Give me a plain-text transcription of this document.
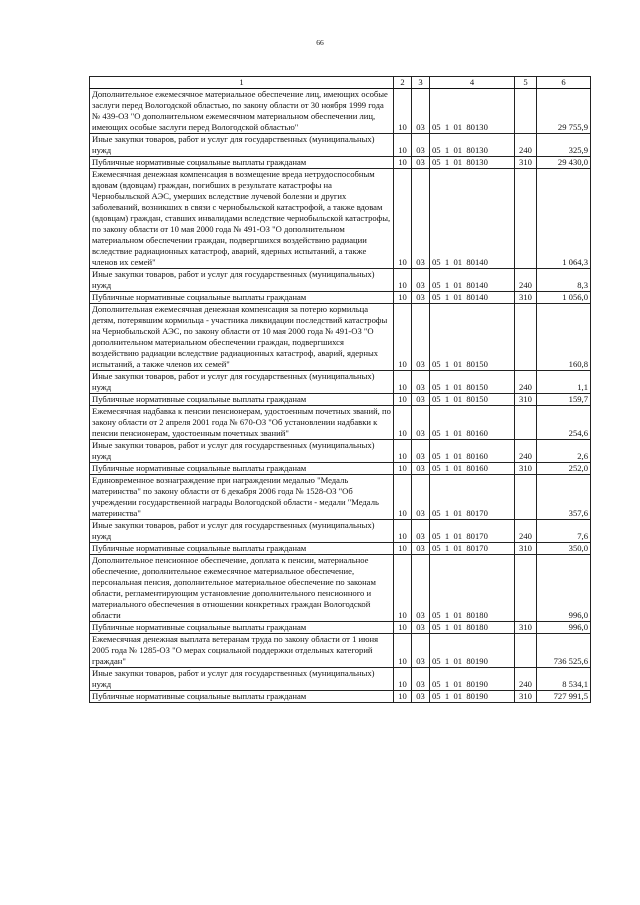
66
1	2	3	4	5	6
Дополнительное ежемесячное материальное обеспечение лиц, имеющих особые заслуги перед Вологодской областью, по закону области от 30 ноября 1999 года № 439-ОЗ "О дополнительном ежемесячном материальном обеспечении лиц, имеющих особые заслуги перед Вологодской областью"	10	03	05  1  01  80130		29 755,9
Иные закупки товаров, работ и услуг для государственных (муниципальных) нужд	10	03	05  1  01  80130	240	325,9
Публичные нормативные социальные выплаты гражданам	10	03	05  1  01  80130	310	29 430,0
Ежемесячная денежная компенсация в возмещение вреда нетрудоспособным вдовам (вдовцам) граждан, погибших в результате катастрофы на Чернобыльской АЭС, умерших вследствие лучевой болезни и других заболеваний, возникших в связи с чернобыльской катастрофой, а также вдовам (вдовцам) граждан, ставших инвалидами вследствие чернобыльской катастрофы, по закону области от 10 мая 2000 года № 491-ОЗ "О дополнительном материальном обеспечении граждан, подвергшихся воздействию радиации вследствие радиационных катастроф, аварий, ядерных испытаний, а также членов их семей"	10	03	05  1  01  80140		1 064,3
Иные закупки товаров, работ и услуг для государственных (муниципальных) нужд	10	03	05  1  01  80140	240	8,3
Публичные нормативные социальные выплаты гражданам	10	03	05  1  01  80140	310	1 056,0
Дополнительная ежемесячная денежная компенсация за потерю кормильца детям, потерявшим кормильца - участника ликвидации последствий катастрофы на Чернобыльской АЭС, по закону области от 10 мая 2000 года № 491-ОЗ "О дополнительном материальном обеспечении граждан, подвергшихся воздействию радиации вследствие радиационных катастроф, аварий, ядерных испытаний, а также членов их семей"	10	03	05  1  01  80150		160,8
Иные закупки товаров, работ и услуг для государственных (муниципальных) нужд	10	03	05  1  01  80150	240	1,1
Публичные нормативные социальные выплаты гражданам	10	03	05  1  01  80150	310	159,7
Ежемесячная надбавка к пенсии пенсионерам, удостоенным почетных званий, по закону области от 2 апреля 2001 года № 670-ОЗ "Об установлении надбавки к пенсии пенсионерам, удостоенным почетных званий"	10	03	05  1  01  80160		254,6
Иные закупки товаров, работ и услуг для государственных (муниципальных) нужд	10	03	05  1  01  80160	240	2,6
Публичные нормативные социальные выплаты гражданам	10	03	05  1  01  80160	310	252,0
Единовременное вознаграждение при награждении медалью "Медаль материнства" по закону области от 6 декабря 2006 года № 1528-ОЗ "Об учреждении государственной награды Вологодской области - медали "Медаль материнства"	10	03	05  1  01  80170		357,6
Иные закупки товаров, работ и услуг для государственных (муниципальных) нужд	10	03	05  1  01  80170	240	7,6
Публичные нормативные социальные выплаты гражданам	10	03	05  1  01  80170	310	350,0
Дополнительное пенсионное обеспечение, доплата к пенсии, материальное обеспечение, дополнительное ежемесячное материальное обеспечение, персональная пенсия, дополнительное материальное обеспечение по законам области, регламентирующим установление дополнительного пенсионного и материального обеспечения в отношении конкретных граждан Вологодской области	10	03	05  1  01  80180		996,0
Публичные нормативные социальные выплаты гражданам	10	03	05  1  01  80180	310	996,0
Ежемесячная денежная выплата ветеранам труда по закону области от 1 июня 2005 года № 1285-ОЗ "О мерах социальной поддержки отдельных категорий граждан"	10	03	05  1  01  80190		736 525,6
Иные закупки товаров, работ и услуг для государственных (муниципальных) нужд	10	03	05  1  01  80190	240	8 534,1
Публичные нормативные социальные выплаты гражданам	10	03	05  1  01  80190	310	727 991,5
